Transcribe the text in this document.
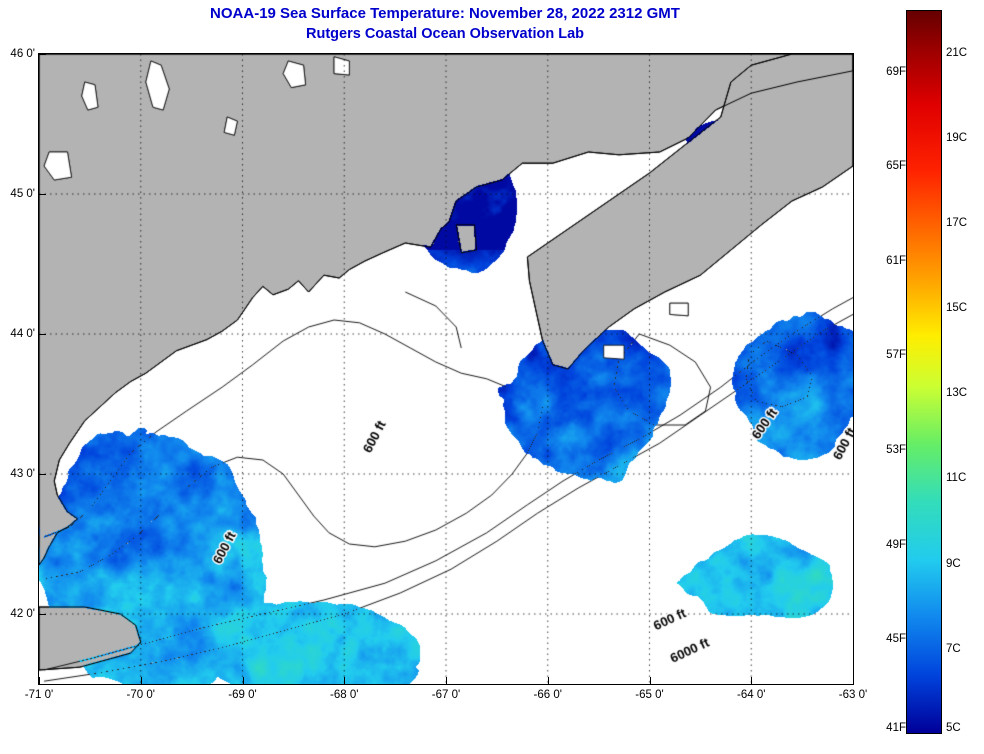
NOAA-19 Sea Surface Temperature: November 28, 2022 2312 GMT
Rutgers Coastal Ocean Observation Lab
46 0'
45 0'
44 0'
43 0'
42 0'
-71 0'	-70 0'	-69 0'	-68 0'	-67 0'	-66 0'	-65 0'	-64 0'	-63 0'
21C
19C
17C
15C
13C
11C
9C
7C
5C
69F
65F
61F
57F
53F
49F
45F
41F
